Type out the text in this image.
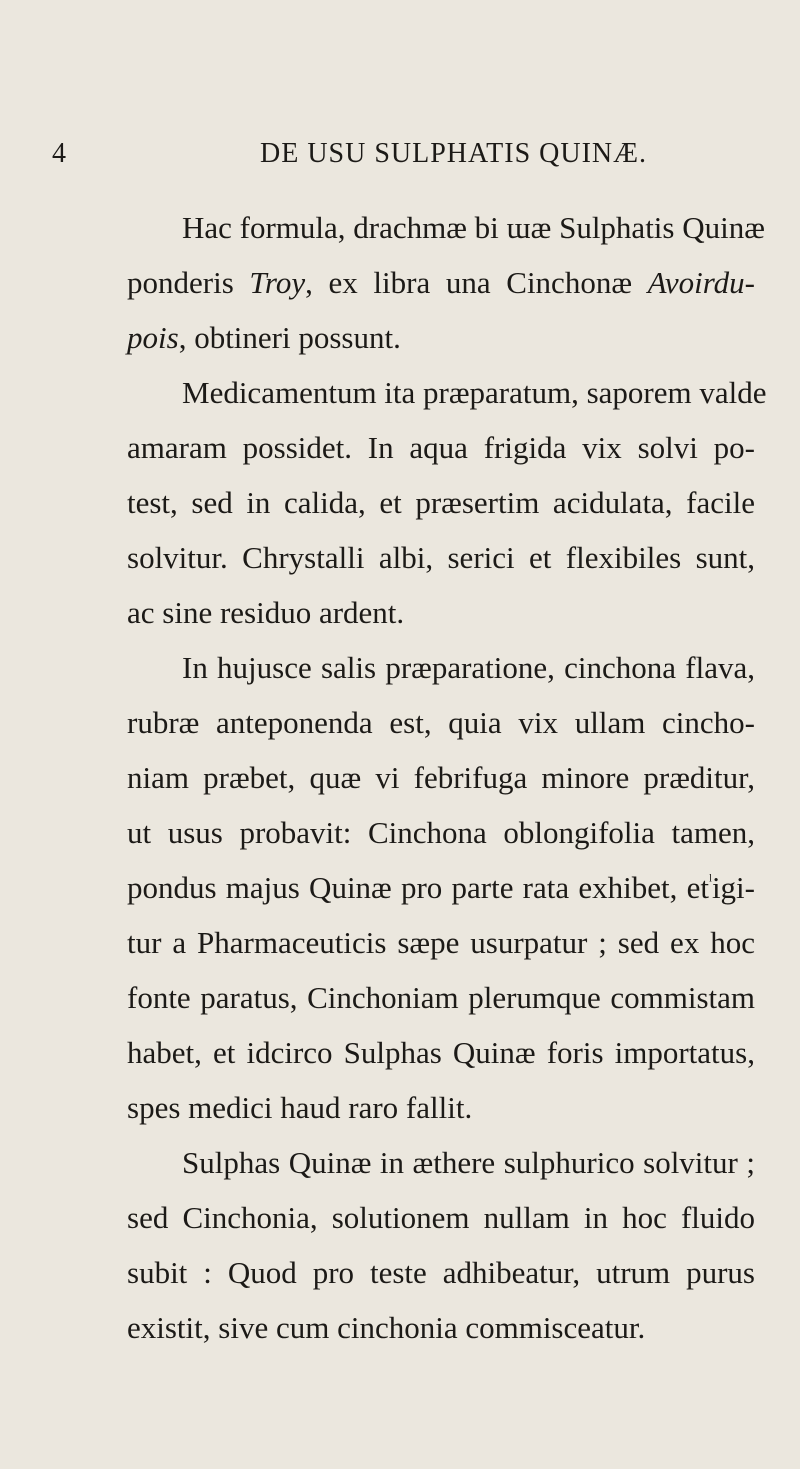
4	DE USU SULPHATIS QUINÆ.
Hac formula, drachmæ bi ɯæ Sulphatis Quinæ
ponderis Troy, ex libra una Cinchonæ Avoirdu-
pois, obtineri possunt.
Medicamentum ita præparatum, saporem valde
amaram possidet. In aqua frigida vix solvi po-
test, sed in calida, et præsertim acidulata, facile
solvitur. Chrystalli albi, serici et flexibiles sunt,
ac sine residuo ardent.
In hujusce salis præparatione, cinchona flava,
rubræ anteponenda est, quia vix ullam cincho-
niam præbet, quæ vi febrifuga minore præditur,
ut usus probavit: Cinchona oblongifolia tamen,
pondus majus Quinæ pro parte rata exhibet, $et^ˡigi-$
tur a Pharmaceuticis sæpe usurpatur ; sed ex hoc
fonte paratus, Cinchoniam plerumque commistam
habet, et idcirco Sulphas Quinæ foris importatus,
spes medici haud raro fallit.
Sulphas Quinæ in æthere sulphurico solvitur ;
sed Cinchonia, solutionem nullam in hoc fluido
subit : Quod pro teste adhibeatur, utrum purus
existit, sive cum cinchonia commisceatur.
